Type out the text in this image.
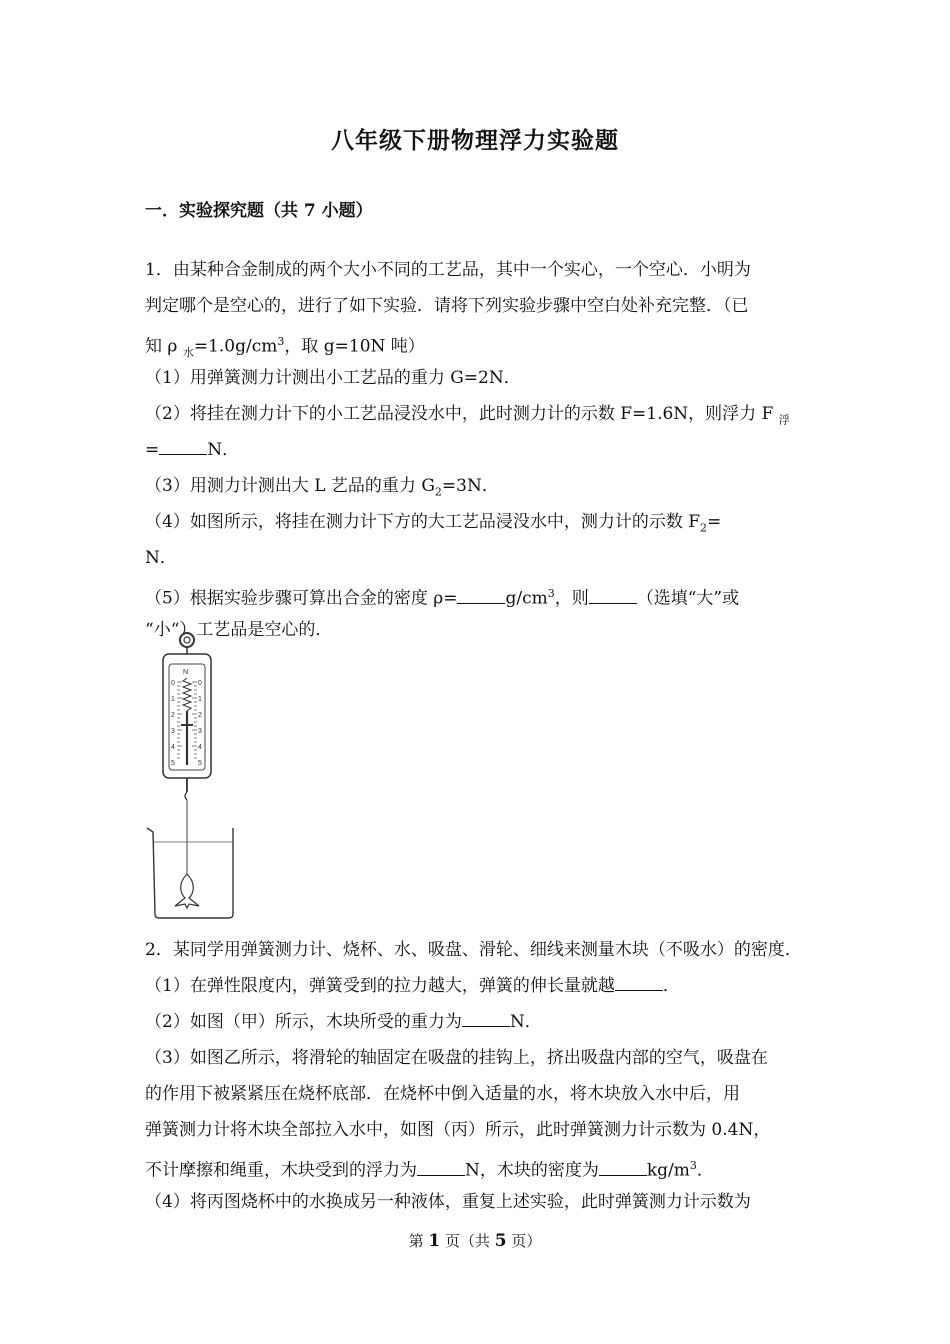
八年级下册物理浮力实验题
一．实验探究题（共 7 小题）
1．由某种合金制成的两个大小不同的工艺品，其中一个实心，一个空心．小明为
判定哪个是空心的，进行了如下实验．请将下列实验步骤中空白处补充完整．（已
知 ρ $_水=1.0g/cm^3$，取 g=10N 吨）
（1）用弹簧测力计测出小工艺品的重力 G=2N．
（2）将挂在测力计下的小工艺品浸没水中，此时测力计的示数 F=1.6N，则浮力 F $_浮$
=	N．
（3）用测力计测出大 L 艺品的重力 $G_2=3N$．
（4）如图所示，将挂在测力计下方的大工艺品浸没水中，测力计的示数 $F_2=$
N．
（5）根据实验步骤可算出合金的密度 ρ=	$g/cm^3$，则	（选填“大”或
“小“）工艺品是空心的．
N
0	0
1	1
2	2
3	3
4	4
5	5
2．某同学用弹簧测力计、烧杯、水、吸盘、滑轮、细线来测量木块（不吸水）的密度．
（1）在弹性限度内，弹簧受到的拉力越大，弹簧的伸长量就越	．
（2）如图（甲）所示，木块所受的重力为	N．
（3）如图乙所示，将滑轮的轴固定在吸盘的挂钩上，挤出吸盘内部的空气，吸盘在
的作用下被紧紧压在烧杯底部．在烧杯中倒入适量的水，将木块放入水中后，用
弹簧测力计将木块全部拉入水中，如图（丙）所示，此时弹簧测力计示数为 0.4N，
不计摩擦和绳重，木块受到的浮力为	N，木块的密度为	$kg/m^3$．
（4）将丙图烧杯中的水换成另一种液体，重复上述实验，此时弹簧测力计示数为
第 1 页（共 5 页）
